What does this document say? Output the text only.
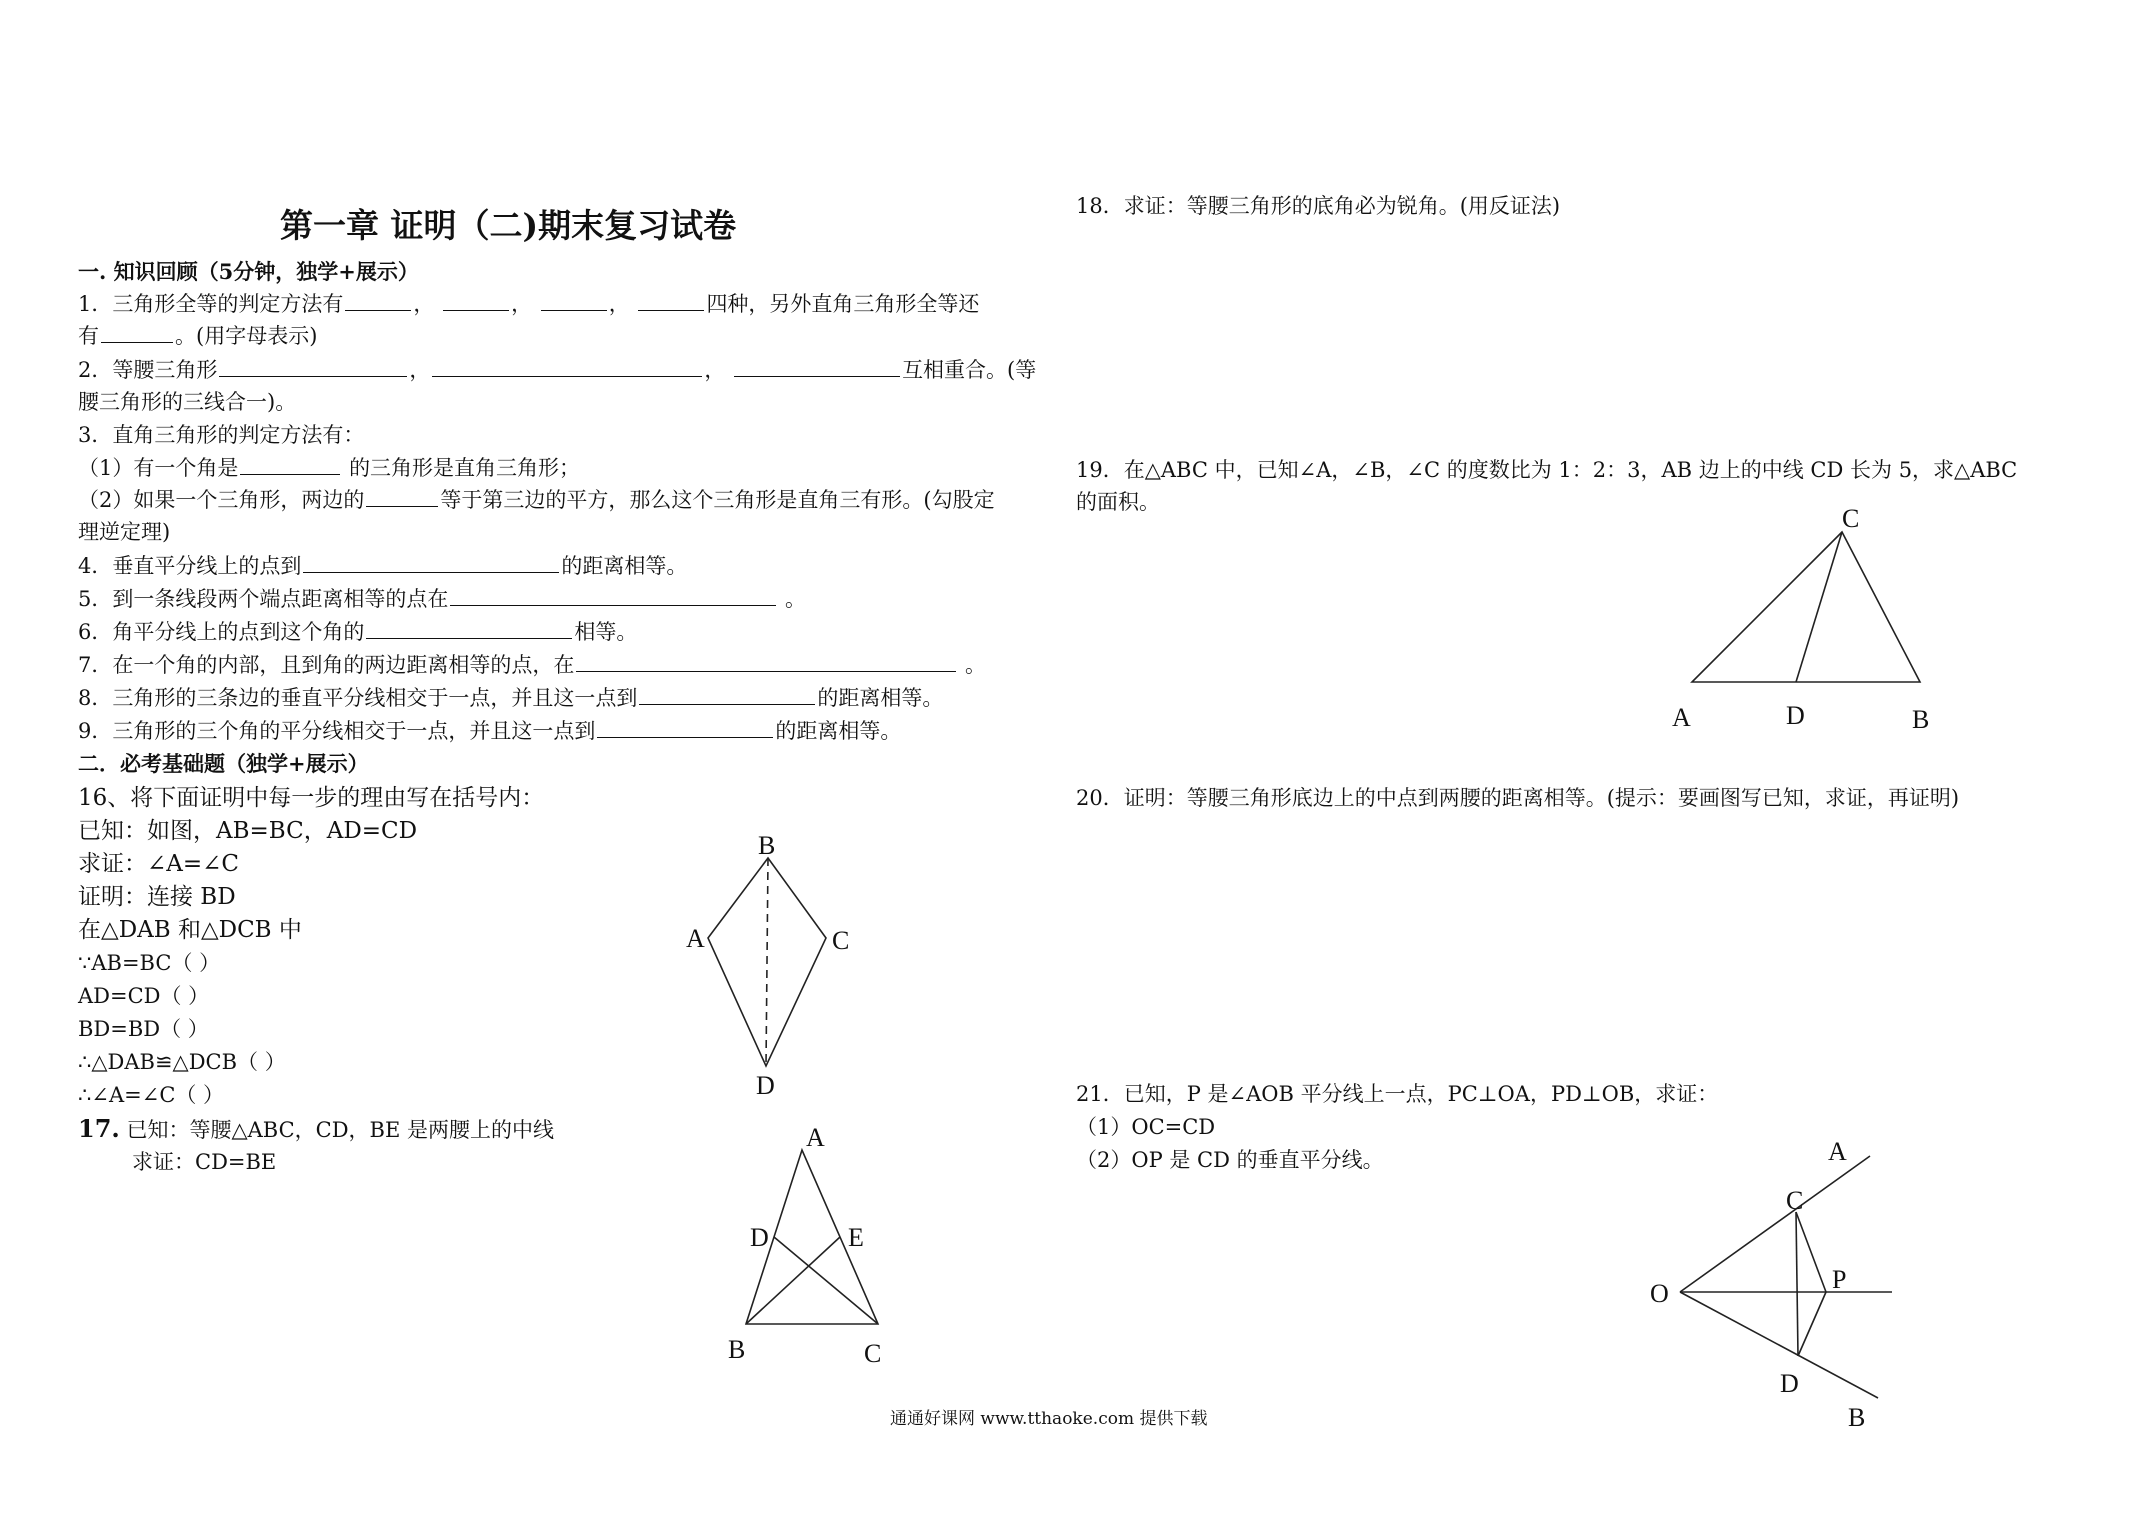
第一章 证明（二)期末复习试卷
一. 知识回顾（5分钟，独学+展示）
1．三角形全等的判定方法有	，	，	，	四种，另外直角三角形全等还
有	。(用字母表示)
2．等腰三角形	，	，	互相重合。(等
腰三角形的三线合一)。
3．直角三角形的判定方法有：
（1）有一个角是	的三角形是直角三角形；
（2）如果一个三角形，两边的	等于第三边的平方，那么这个三角形是直角三有形。(勾股定
理逆定理)
4．垂直平分线上的点到	的距离相等。
5．到一条线段两个端点距离相等的点在	。
6．角平分线上的点到这个角的	相等。
7．在一个角的内部，且到角的两边距离相等的点，在	。
8．三角形的三条边的垂直平分线相交于一点，并且这一点到	的距离相等。
9．三角形的三个角的平分线相交于一点，并且这一点到	的距离相等。
二．必考基础题（独学+展示）
16、将下面证明中每一步的理由写在括号内：
已知：如图，AB=BC，AD=CD
求证：∠A=∠C
证明：连接 BD
在△DAB 和△DCB 中
∵AB=BC（ ）
AD=CD（ ）
BD=BD（ ）
∴△DAB≌△DCB（ ）
∴∠A=∠C（ ）
17. 已知：等腰△ABC，CD，BE 是两腰上的中线
求证：CD=BE
B
A	C
D
A
D	E
B	C
18．求证：等腰三角形的底角必为锐角。(用反证法)
19．在△ABC 中，已知∠A，∠B，∠C 的度数比为 1：2：3，AB 边上的中线 CD 长为 5，求△ABC
的面积。
C
A	D	B
20．证明：等腰三角形底边上的中点到两腰的距离相等。(提示：要画图写已知，求证，再证明)
21．已知，P 是∠AOB 平分线上一点，PC⊥OA，PD⊥OB，求证：
（1）OC=CD
（2）OP 是 CD 的垂直平分线。	A
C
O	P
D
B
通通好课网 www.tthaoke.com 提供下载
